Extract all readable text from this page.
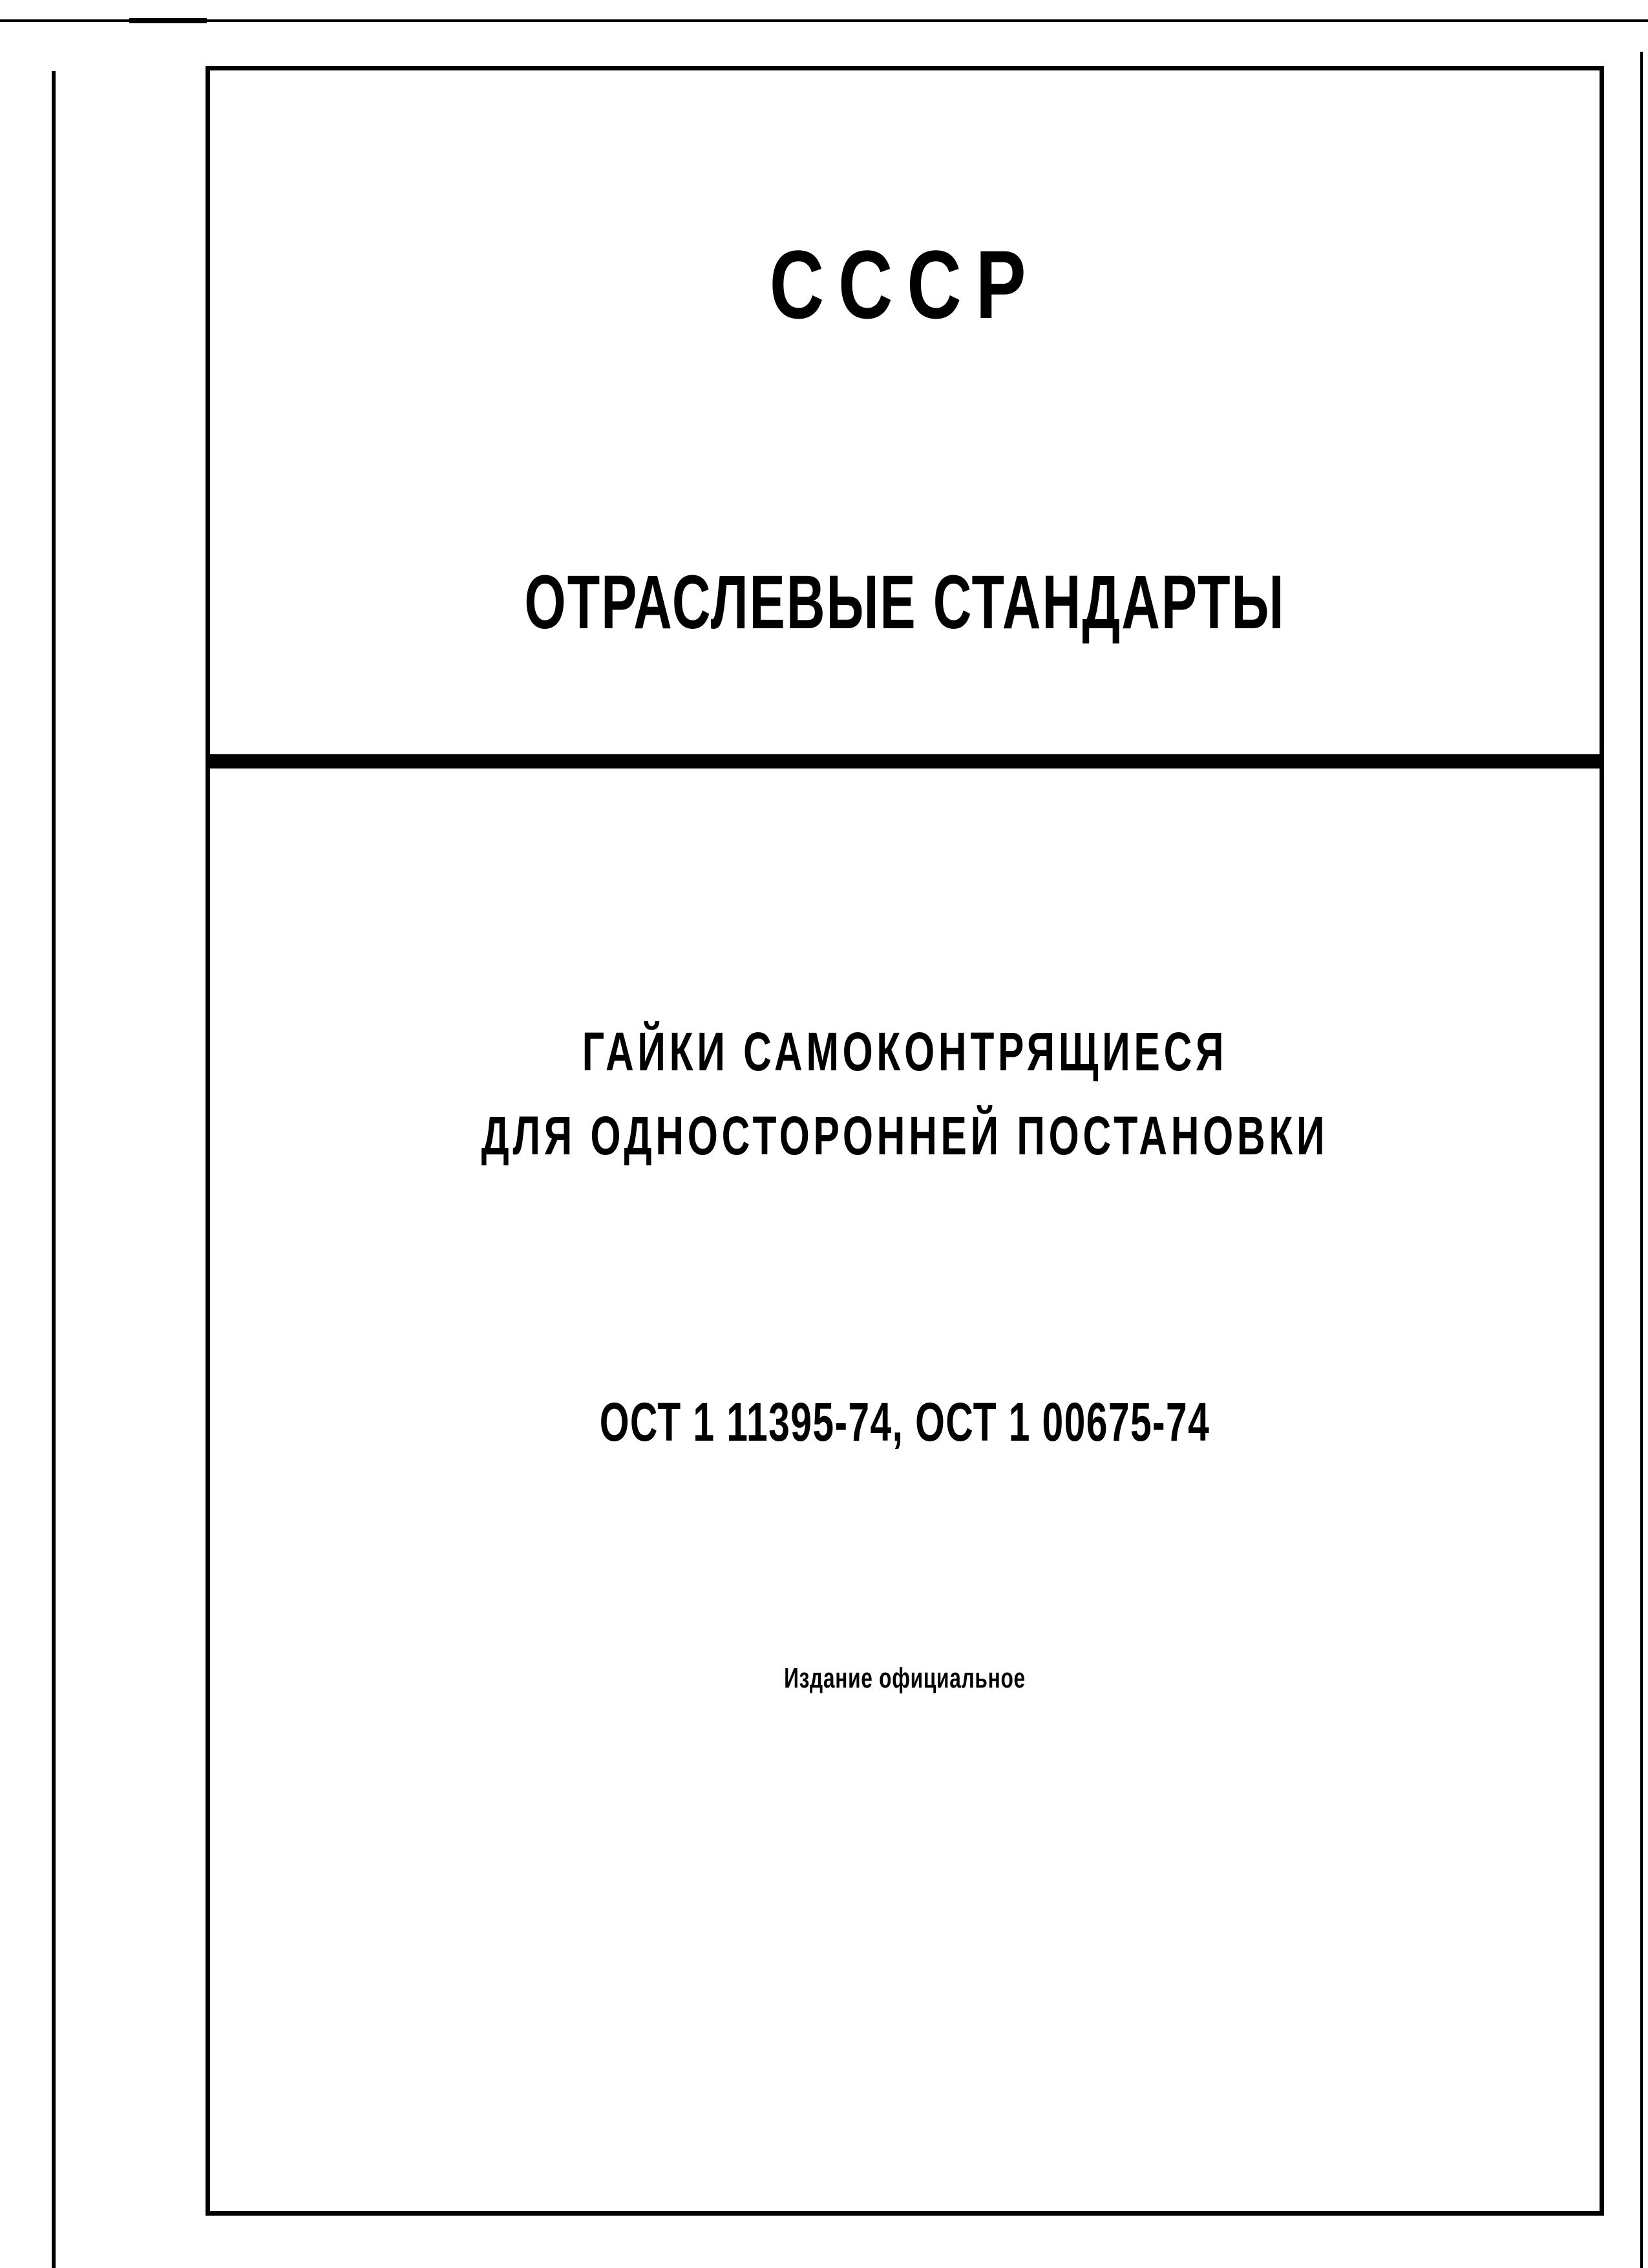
СССР
ОТРАСЛЕВЫЕ СТАНДАРТЫ
ГАЙКИ САМОКОНТРЯЩИЕСЯ
ДЛЯ ОДНОСТОРОННЕЙ ПОСТАНОВКИ
ОСТ 1 11395-74, ОСТ 1 00675-74
Издание официальное
